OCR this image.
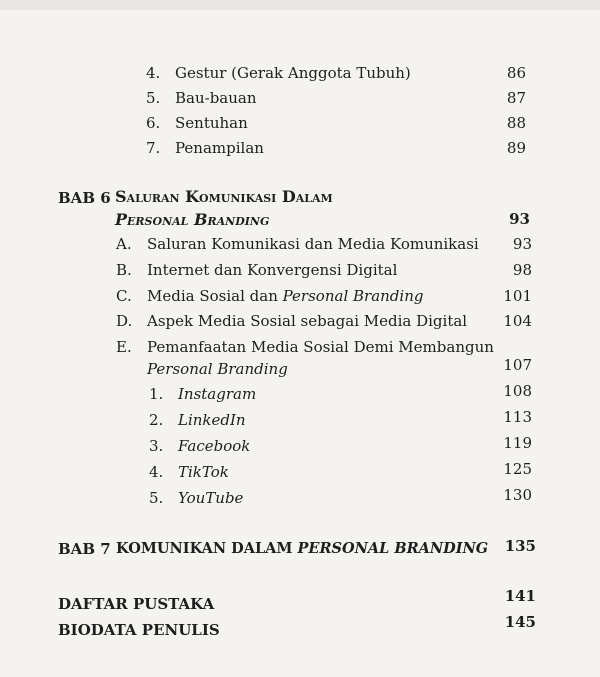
4. Gestur (Gerak Anggota Tubuh)	86
5. Bau-bauan	87
6. Sentuhan	88
7. Penampilan	89
BAB 6 Saluran Komunikasi Dalam
Personal Branding	93
A. Saluran Komunikasi dan Media Komunikasi	93
B. Internet dan Konvergensi Digital	98
C. Media Sosial dan Personal Branding	101
D. Aspek Media Sosial sebagai Media Digital	104
E. Pemanfaatan Media Sosial Demi Membangun
Personal Branding	107
1. Instagram	108
2. LinkedIn	113
3. Facebook	119
4. TikTok	125
5. YouTube	130
BAB 7 KOMUNIKAN DALAM PERSONAL BRANDING	135
DAFTAR PUSTAKA	141
BIODATA PENULIS	145
